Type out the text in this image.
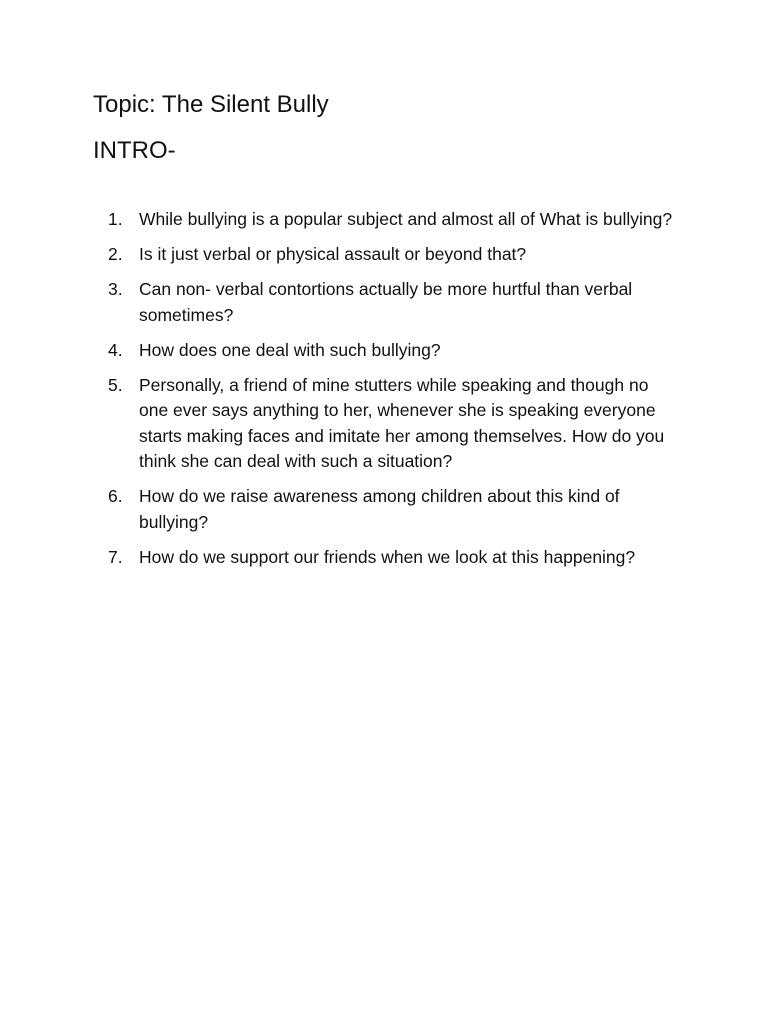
Topic: The Silent Bully
INTRO-
1. While bullying is a popular subject and almost all of What is bullying?
2. Is it just verbal or physical assault or beyond that?
3. Can non- verbal contortions actually be more hurtful than verbal sometimes?
4. How does one deal with such bullying?
5. Personally, a friend of mine stutters while speaking and though no one ever says anything to her, whenever she is speaking everyone starts making faces and imitate her among themselves. How do you think she can deal with such a situation?
6. How do we raise awareness among children about this kind of bullying?
7. How do we support our friends when we look at this happening?
